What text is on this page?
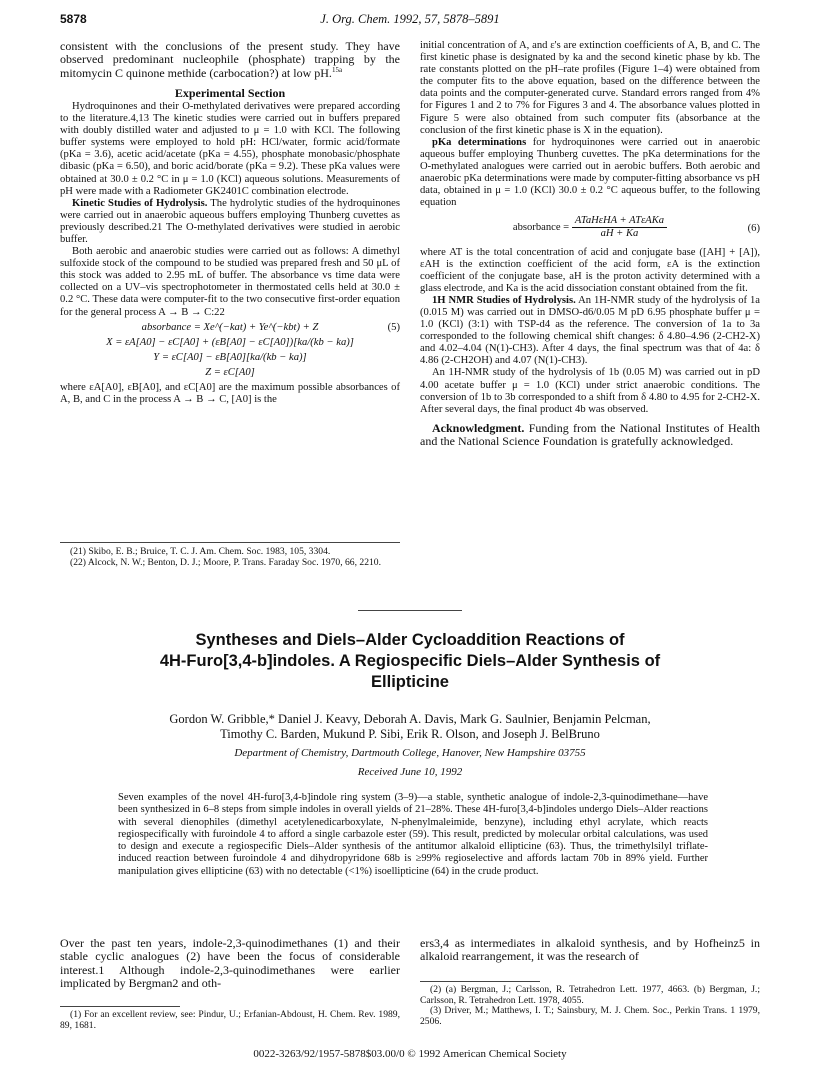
5878	J. Org. Chem. 1992, 57, 5878–5891

consistent with the conclusions of the present study. They have observed predominant nucleophile (phosphate) trapping by the mitomycin C quinone methide (carbocation?) at low pH.$^{15a}$

Experimental Section

Hydroquinones and their O-methylated derivatives were prepared according to the literature.4,13 The kinetic studies were carried out in buffers prepared with doubly distilled water and adjusted to μ = 1.0 with KCl. The following buffer systems were employed to hold pH: HCl/water, formic acid/formate (pKa = 3.6), acetic acid/acetate (pKa = 4.55), phosphate monobasic/phosphate dibasic (pKa = 6.50), and boric acid/borate (pKa = 9.2). These pKa values were obtained at 30.0 ± 0.2 °C in μ = 1.0 (KCl) aqueous solutions. Measurements of pH were made with a Radiometer GK2401C combination electrode.

Kinetic Studies of Hydrolysis. The hydrolytic studies of the hydroquinones were carried out in anaerobic aqueous buffers employing Thunberg cuvettes as previously described.21 The O-methylated derivatives were studied in aerobic buffer.

Both aerobic and anaerobic studies were carried out as follows: A dimethyl sulfoxide stock of the compound to be studied was prepared fresh and 50 μL of this stock was added to 2.95 mL of buffer. The absorbance vs time data were collected on a UV–vis spectrophotometer in thermostated cells held at 30.0 ± 0.2 °C. These data were computer-fit to the two consecutive first-order equation for the general process A → B → C:22

absorbance = Xe^(−kat) + Ye^(−kbt) + Z	(5)
X = εA[A0] − εC[A0] + (εB[A0] − εC[A0])[ka/(kb − ka)]
Y = εC[A0] − εB[A0][ka/(kb − ka)]
Z = εC[A0]

where εA[A0], εB[A0], and εC[A0] are the maximum possible absorbances of A, B, and C in the process A → B → C, [A0] is the

(21) Skibo, E. B.; Bruice, T. C. J. Am. Chem. Soc. 1983, 105, 3304.

(22) Alcock, N. W.; Benton, D. J.; Moore, P. Trans. Faraday Soc. 1970, 66, 2210.

initial concentration of A, and ε's are extinction coefficients of A, B, and C. The first kinetic phase is designated by ka and the second kinetic phase by kb. The rate constants plotted on the pH–rate profiles (Figure 1–4) were obtained from the computer fits to the above equation, based on the difference between the data points and the computer-generated curve. Standard errors ranged from 4% for Figures 1 and 2 to 7% for Figures 3 and 4. The absorbance values plotted in Figure 5 were also obtained from such computer fits (absorbance at the conclusion of the first kinetic phase is X in the equation).

pKa determinations for hydroquinones were carried out in anaerobic aqueous buffer employing Thunberg cuvettes. The pKa determinations for the O-methylated analogues were carried out in aerobic buffers. Both aerobic and anaerobic pKa determinations were made by computer-fitting absorbance vs pH data, obtained in μ = 1.0 (KCl) 30.0 ± 0.2 °C aqueous buffer, to the following equation

absorbance = $\frac{\text{ATaHεHA + ATεAKa}}{aH + Ka}$	(6)

where AT is the total concentration of acid and conjugate base ([AH] + [A]), εAH is the extinction coefficient of the acid form, εA is the extinction coefficient of the conjugate base, aH is the proton activity determined with a glass electrode, and Ka is the acid dissociation constant obtained from the fit.

1H NMR Studies of Hydrolysis. An 1H-NMR study of the hydrolysis of 1a (0.015 M) was carried out in DMSO-d6/0.05 M pD 6.95 phosphate buffer μ = 1.0 (KCl) (3:1) with TSP-d4 as the reference. The conversion of 1a to 3a corresponded to the following chemical shift changes: δ 4.80–4.96 (2-CH2-X) and 4.02–4.04 (N(1)-CH3). After 4 days, the final spectrum was that of 4a: δ 4.86 (2-CH2OH) and 4.07 (N(1)-CH3).

An 1H-NMR study of the hydrolysis of 1b (0.05 M) was carried out in pD 4.00 acetate buffer μ = 1.0 (KCl) under strict anaerobic conditions. The conversion of 1b to 3b corresponded to a shift from δ 4.80 to 4.95 for 2-CH2-X. After several days, the final product 4b was observed.

Acknowledgment. Funding from the National Institutes of Health and the National Science Foundation is gratefully acknowledged.

Syntheses and Diels–Alder Cycloaddition Reactions of
4H-Furo[3,4-b]indoles. A Regiospecific Diels–Alder Synthesis of
Ellipticine
Gordon W. Gribble,* Daniel J. Keavy, Deborah A. Davis, Mark G. Saulnier, Benjamin Pelcman,
Timothy C. Barden, Mukund P. Sibi, Erik R. Olson, and Joseph J. BelBruno
Department of Chemistry, Dartmouth College, Hanover, New Hampshire 03755
Received June 10, 1992
Seven examples of the novel 4H-furo[3,4-b]indole ring system (3–9)—a stable, synthetic analogue of indole-2,3-quinodimethane—have been synthesized in 6–8 steps from simple indoles in overall yields of 21–28%. These 4H-furo[3,4-b]indoles undergo Diels–Alder reactions with several dienophiles (dimethyl acetylenedicarboxylate, N-phenylmaleimide, benzyne), including ethyl acrylate, which reacts regiospecifically with furoindole 4 to afford a single carbazole ester (59). This result, predicted by molecular orbital calculations, was used to design and execute a regiospecific Diels–Alder synthesis of the antitumor alkaloid ellipticine (63). Thus, the trimethylsilyl triflate-induced reaction between furoindole 4 and dihydropyridone 68b is ≥99% regioselective and affords lactam 70b in 89% yield. Further manipulation gives ellipticine (63) with no detectable (<1%) isoellipticine (64) in the crude product.

Over the past ten years, indole-2,3-quinodimethanes (1) and their stable cyclic analogues (2) have been the focus of considerable interest.1 Although indole-2,3-quinodimethanes were earlier implicated by Bergman2 and oth-

ers3,4 as intermediates in alkaloid synthesis, and by Hofheinz5 in alkaloid rearrangement, it was the research of

(1) For an excellent review, see: Pindur, U.; Erfanian-Abdoust, H. Chem. Rev. 1989, 89, 1681.

(2) (a) Bergman, J.; Carlsson, R. Tetrahedron Lett. 1977, 4663. (b) Bergman, J.; Carlsson, R. Tetrahedron Lett. 1978, 4055.

(3) Driver, M.; Matthews, I. T.; Sainsbury, M. J. Chem. Soc., Perkin Trans. 1 1979, 2506.

0022-3263/92/1957-5878$03.00/0 © 1992 American Chemical Society
